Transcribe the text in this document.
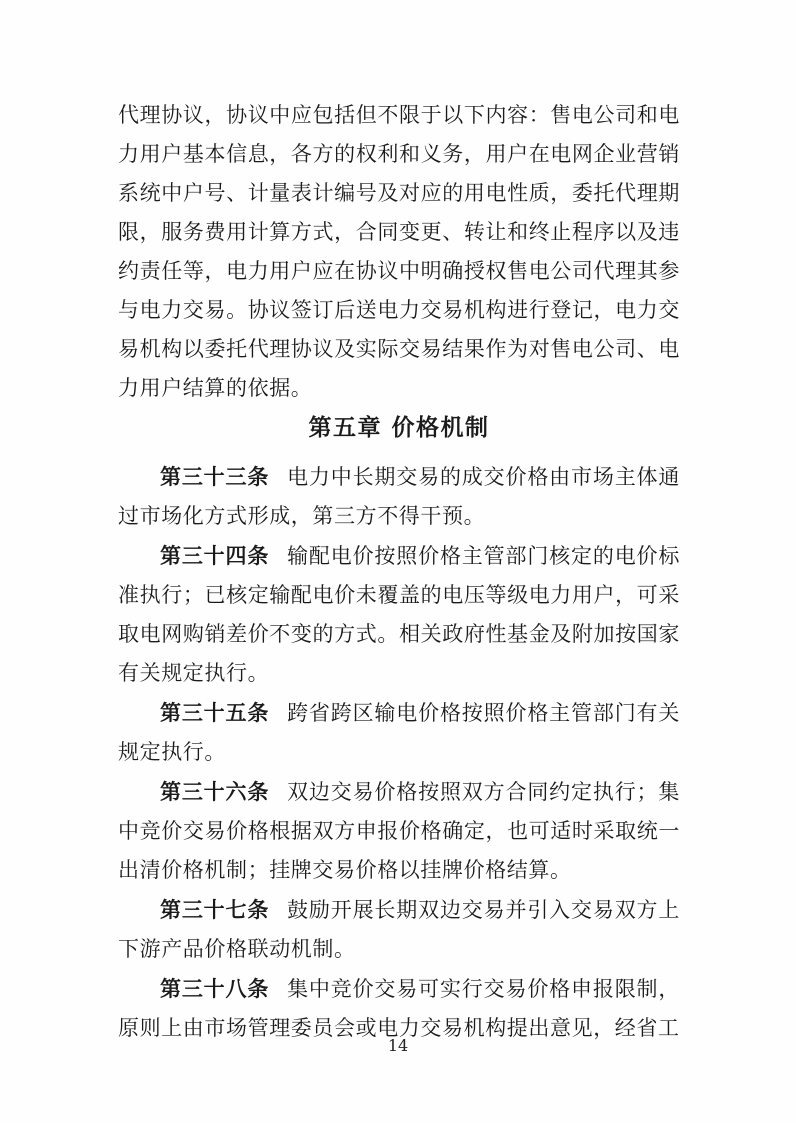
代理协议，协议中应包括但不限于以下内容：售电公司和电力用户基本信息，各方的权利和义务，用户在电网企业营销系统中户号、计量表计编号及对应的用电性质，委托代理期限，服务费用计算方式，合同变更、转让和终止程序以及违约责任等，电力用户应在协议中明确授权售电公司代理其参与电力交易。协议签订后送电力交易机构进行登记，电力交易机构以委托代理协议及实际交易结果作为对售电公司、电力用户结算的依据。

第五章 价格机制

第三十三条 电力中长期交易的成交价格由市场主体通过市场化方式形成，第三方不得干预。

第三十四条 输配电价按照价格主管部门核定的电价标准执行；已核定输配电价未覆盖的电压等级电力用户，可采取电网购销差价不变的方式。相关政府性基金及附加按国家有关规定执行。

第三十五条 跨省跨区输电价格按照价格主管部门有关规定执行。

第三十六条 双边交易价格按照双方合同约定执行；集中竞价交易价格根据双方申报价格确定，也可适时采取统一出清价格机制；挂牌交易价格以挂牌价格结算。

第三十七条 鼓励开展长期双边交易并引入交易双方上下游产品价格联动机制。

第三十八条 集中竞价交易可实行交易价格申报限制，原则上由市场管理委员会或电力交易机构提出意见，经省工

14
